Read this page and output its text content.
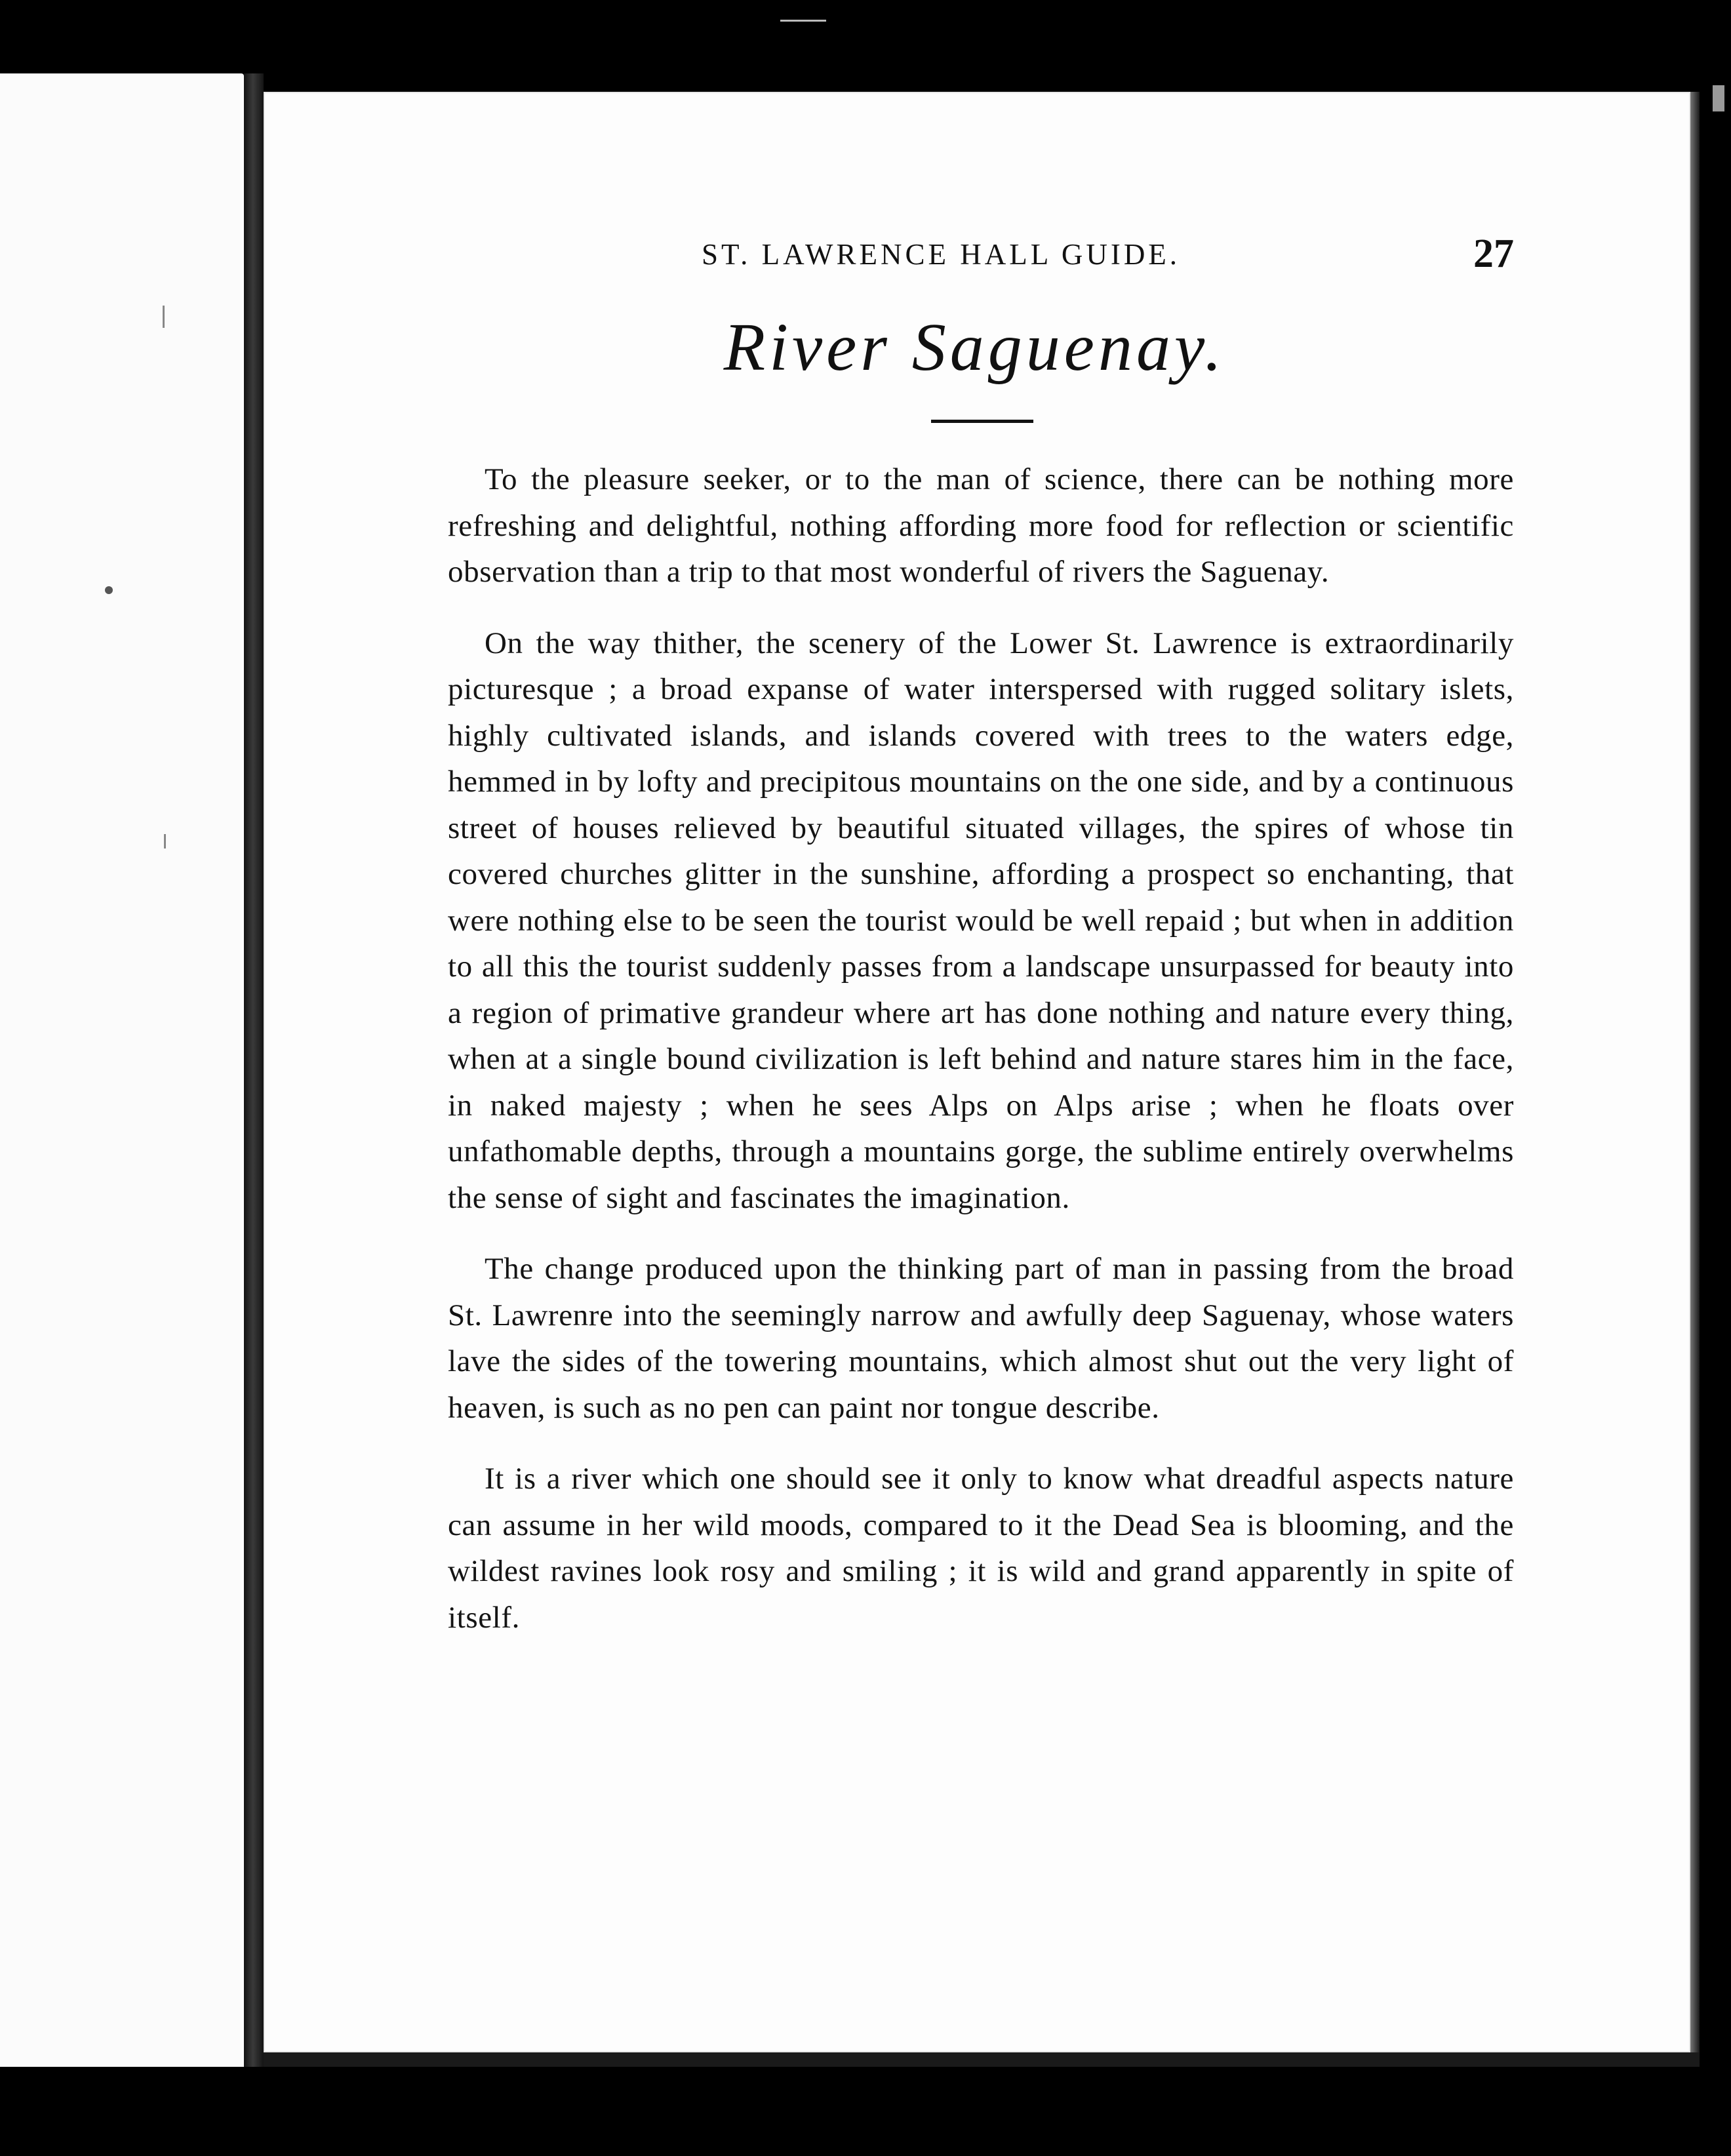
ST. LAWRENCE HALL GUIDE.	27
River Saguenay.

To the pleasure seeker, or to the man of science, there can be nothing more refreshing and delightful, nothing affording more food for reflection or scientific observation than a trip to that most wonderful of rivers the Saguenay.

On the way thither, the scenery of the Lower St. Lawrence is extraordinarily picturesque ; a broad expanse of water interspersed with rugged solitary islets, highly cultivated islands, and islands covered with trees to the waters edge, hemmed in by lofty and precipitous mountains on the one side, and by a continuous street of houses relieved by beautiful situated villages, the spires of whose tin covered churches glitter in the sunshine, affording a prospect so enchanting, that were nothing else to be seen the tourist would be well repaid ; but when in addition to all this the tourist suddenly passes from a landscape unsurpassed for beauty into a region of primative grandeur where art has done nothing and nature every thing, when at a single bound civilization is left behind and nature stares him in the face, in naked majesty ; when he sees Alps on Alps arise ; when he floats over unfathomable depths, through a mountains gorge, the sublime entirely overwhelms the sense of sight and fascinates the imagination.

The change produced upon the thinking part of man in passing from the broad St. Lawrenre into the seemingly narrow and awfully deep Saguenay, whose waters lave the sides of the towering mountains, which almost shut out the very light of heaven, is such as no pen can paint nor tongue describe.

It is a river which one should see it only to know what dreadful aspects nature can assume in her wild moods, compared to it the Dead Sea is blooming, and the wildest ravines look rosy and smiling ; it is wild and grand apparently in spite of itself.
